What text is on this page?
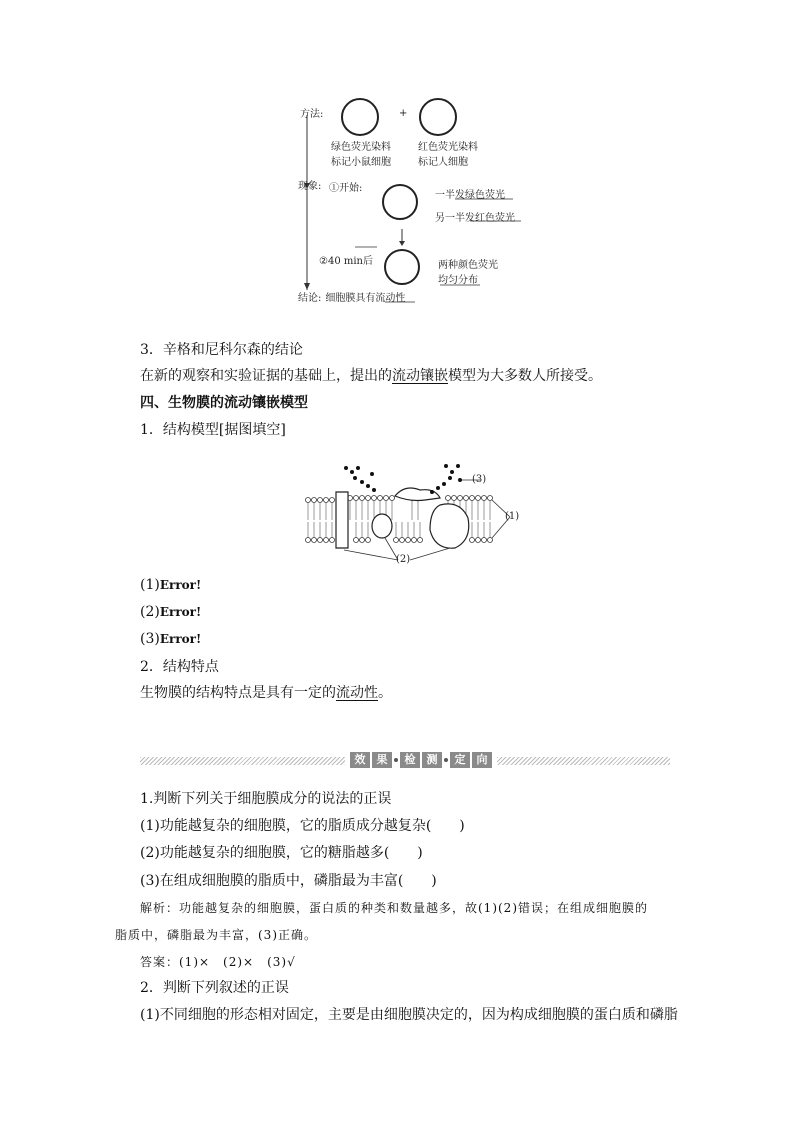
方法:	+
绿色荧光染料
标记小鼠细胞
红色荧光染料
标记人细胞
现象: ①开始:
一半发绿色荧光
另一半发红色荧光
②40 min后	两种颜色荧光
均匀分布
结论: 细胞膜具有流动性
3．辛格和尼科尔森的结论
在新的观察和实验证据的基础上，提出的流动镶嵌模型为大多数人所接受。
四、生物膜的流动镶嵌模型
1．结构模型[据图填空]
(3)
(1)
(2)
(1)Error!
(2)Error!
(3)Error!
2．结构特点
生物膜的结构特点是具有一定的流动性。
效	果	检	测	定	向
1.判断下列关于细胞膜成分的说法的正误
(1)功能越复杂的细胞膜，它的脂质成分越复杂(　　)
(2)功能越复杂的细胞膜，它的糖脂越多(　　)
(3)在组成细胞膜的脂质中，磷脂最为丰富(　　)
解析：功能越复杂的细胞膜，蛋白质的种类和数量越多，故(1)(2)错误；在组成细胞膜的
脂质中，磷脂最为丰富，(3)正确。
答案：(1)×　(2)×　(3)√
2．判断下列叙述的正误
(1)不同细胞的形态相对固定，主要是由细胞膜决定的，因为构成细胞膜的蛋白质和磷脂
